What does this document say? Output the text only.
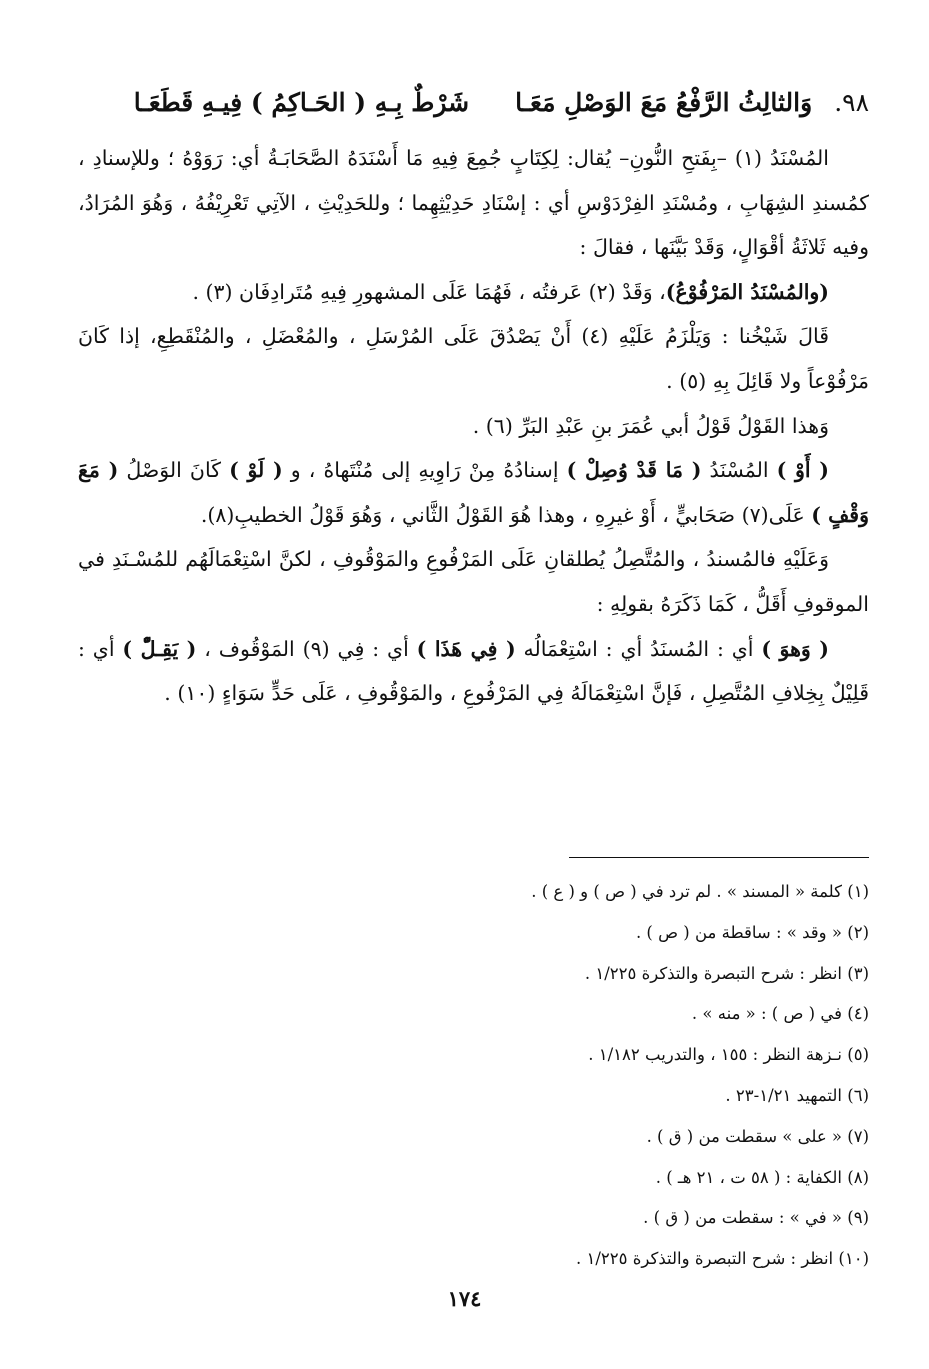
٩٨.
وَالثالِثُ الرَّفْعُ مَعَ الوَصْلِ مَعَـا
شَرْطٌ بِـهِ ( الحَـاكِمُ ) فِيـهِ قَطَعَـا

المُسْنَدُ (١) –بِفَتحِ النُّونِ– يُقال: لِكِتَابٍ جُمِعَ فِيهِ مَا أَسْنَدَهُ الصَّحَابَـةُ أي: رَوَوْهُ ؛ وللإسنادِ ، كمُسندِ الشِهَابِ ، ومُسْنَدِ الفِرْدَوْسِ أي : إسْنَادِ حَدِيْثِهِما ؛ وللحَدِيْثِ ، الآتِي تَعْرِيْفُهُ ، وَهُوَ المُرَادُ، وفيه ثَلاثَةُ أقْوَالٍ، وَقَدْ بَيَّنَها ، فقالَ :

(والمُسْنَدُ المَرْفُوْعُ)، وَقَدْ (٢) عَرفتُه ، فَهُمَا عَلَى المشهورِ فِيهِ مُتَرادِفَان (٣) .

قَالَ شَيْخُنا : وَيَلْزَمُ عَلَيْهِ (٤) أَنْ يَصْدُقَ عَلَى المُرْسَلِ ، والمُعْضَلِ ، والمُنْقَطِعِ، إذا كَانَ مَرْفُوْعاً ولا قَائِلَ بِهِ (٥) .

وَهذا القَوْلُ قَوْلُ أبي عُمَرَ بنِ عَبْدِ البَرِّ (٦) .

( أَوْ ) المُسْنَدُ ( مَا قَدْ وُصِلْ ) إسنادُهُ مِنْ رَاوِيهِ إلى مُنْتَهاهُ ، و ( لَوْ ) كَانَ الوَصْلُ ( مَعَ وَقْفٍ ) عَلَى(٧) صَحَابيٍّ ، أَوْ غيرِهِ ، وهذا هُوَ القَوْلُ الثَّاني ، وَهُوَ قَوْلُ الخطيبِ(٨).

وَعَلَيْهِ فالمُسندُ ، والمُتَّصِلُ يُطلقانِ عَلَى المَرْفُوعِ والمَوْقُوفِ ، لكنَّ اسْتِعْمَالَهُم للمُسْـنَدِ في الموقوفِ أَقَلُّ ، كَمَا ذَكَرَهُ بقولِهِ :

( وَهوَ ) أي : المُسنَدُ أي : اسْتِعْمَالُه ( فِي هَذَا ) أي : فِي (٩) المَوْقُوف ، ( يَقِـلّْ ) أي : قَلِيْلٌ بِخِلافِ المُتَّصِلِ ، فَإنَّ اسْتِعْمَالَهُ فِي المَرْفُوعِ ، والمَوْقُوفِ ، عَلَى حَدٍّ سَوَاءٍ (١٠) .

(١) كلمة « المسند » . لم ترد في ( ص ) و ( ع ) .
(٢) « وقد » : ساقطة من ( ص ) .
(٣) انظر : شرح التبصرة والتذكرة ١/٢٢٥ .
(٤) في ( ص ) : « منه » .
(٥) نـزهة النظر : ١٥٥ ، والتدريب ١/١٨٢ .
(٦) التمهيد ١/٢١-٢٣ .
(٧) « على » سقطت من ( ق ) .
(٨) الكفاية : ( ٥٨ ت ، ٢١ هـ ) .
(٩) « في » : سقطت من ( ق ) .
(١٠) انظر : شرح التبصرة والتذكرة ١/٢٢٥ .
١٧٤
